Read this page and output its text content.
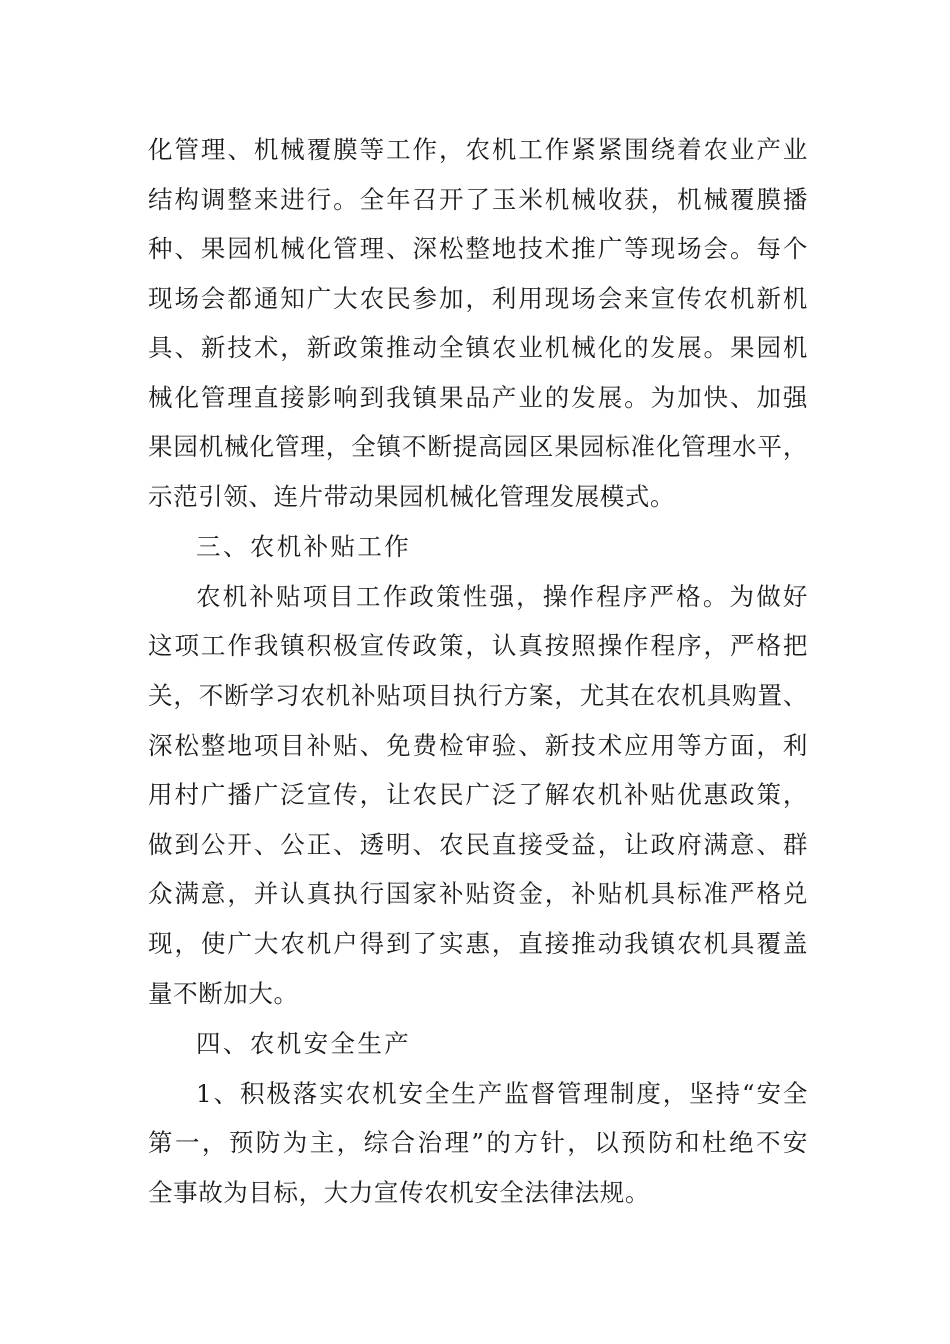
化管理、机械覆膜等工作，农机工作紧紧围绕着农业产业
结构调整来进行。全年召开了玉米机械收获，机械覆膜播
种、果园机械化管理、深松整地技术推广等现场会。每个
现场会都通知广大农民参加，利用现场会来宣传农机新机
具、新技术，新政策推动全镇农业机械化的发展。果园机
械化管理直接影响到我镇果品产业的发展。为加快、加强
果园机械化管理，全镇不断提高园区果园标准化管理水平，
示范引领、连片带动果园机械化管理发展模式。
三、农机补贴工作
农机补贴项目工作政策性强，操作程序严格。为做好
这项工作我镇积极宣传政策，认真按照操作程序，严格把
关，不断学习农机补贴项目执行方案，尤其在农机具购置、
深松整地项目补贴、免费检审验、新技术应用等方面，利
用村广播广泛宣传，让农民广泛了解农机补贴优惠政策，
做到公开、公正、透明、农民直接受益，让政府满意、群
众满意，并认真执行国家补贴资金，补贴机具标准严格兑
现，使广大农机户得到了实惠，直接推动我镇农机具覆盖
量不断加大。
四、农机安全生产
1、积极落实农机安全生产监督管理制度，坚持“安全
第一，预防为主，综合治理”的方针，以预防和杜绝不安
全事故为目标，大力宣传农机安全法律法规。
